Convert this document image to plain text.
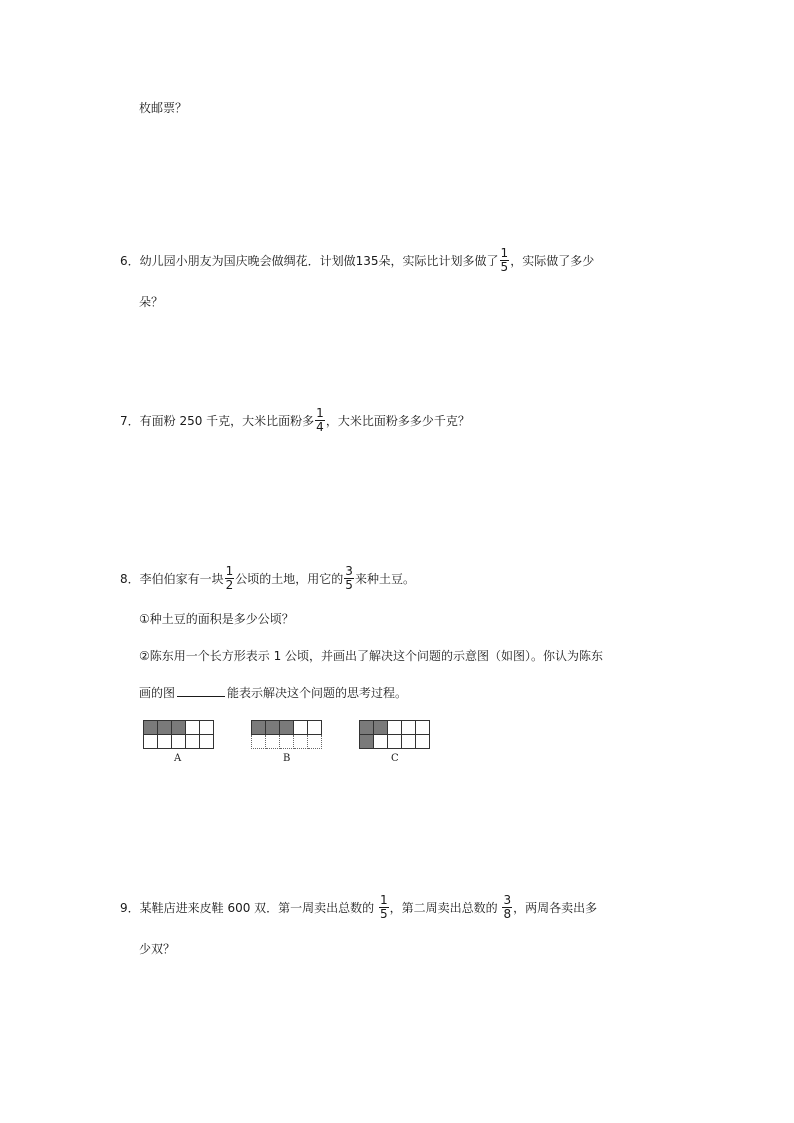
枚邮票？
6．幼儿园小朋友为国庆晚会做绸花．计划做135朵，实际比计划多做了 $\frac{1}{5}$ ，实际做了多少
朵？
7．有面粉 250 千克，大米比面粉多 $\frac{1}{4}$ ，大米比面粉多多少千克？
8．李伯伯家有一块 $\frac{1}{2}$ 公顷的土地，用它的 $\frac{3}{5}$ 来种土豆。
①种土豆的面积是多少公顷？
②陈东用一个长方形表示 1 公顷，并画出了解决这个问题的示意图（如图）。你认为陈东
画的图	能表示解决这个问题的思考过程。

A

					B

					C
9．某鞋店进来皮鞋 600 双．第一周卖出总数的 $\frac{1}{5}$ ，第二周卖出总数的 $\frac{3}{8}$ ，两周各卖出多
少双？
